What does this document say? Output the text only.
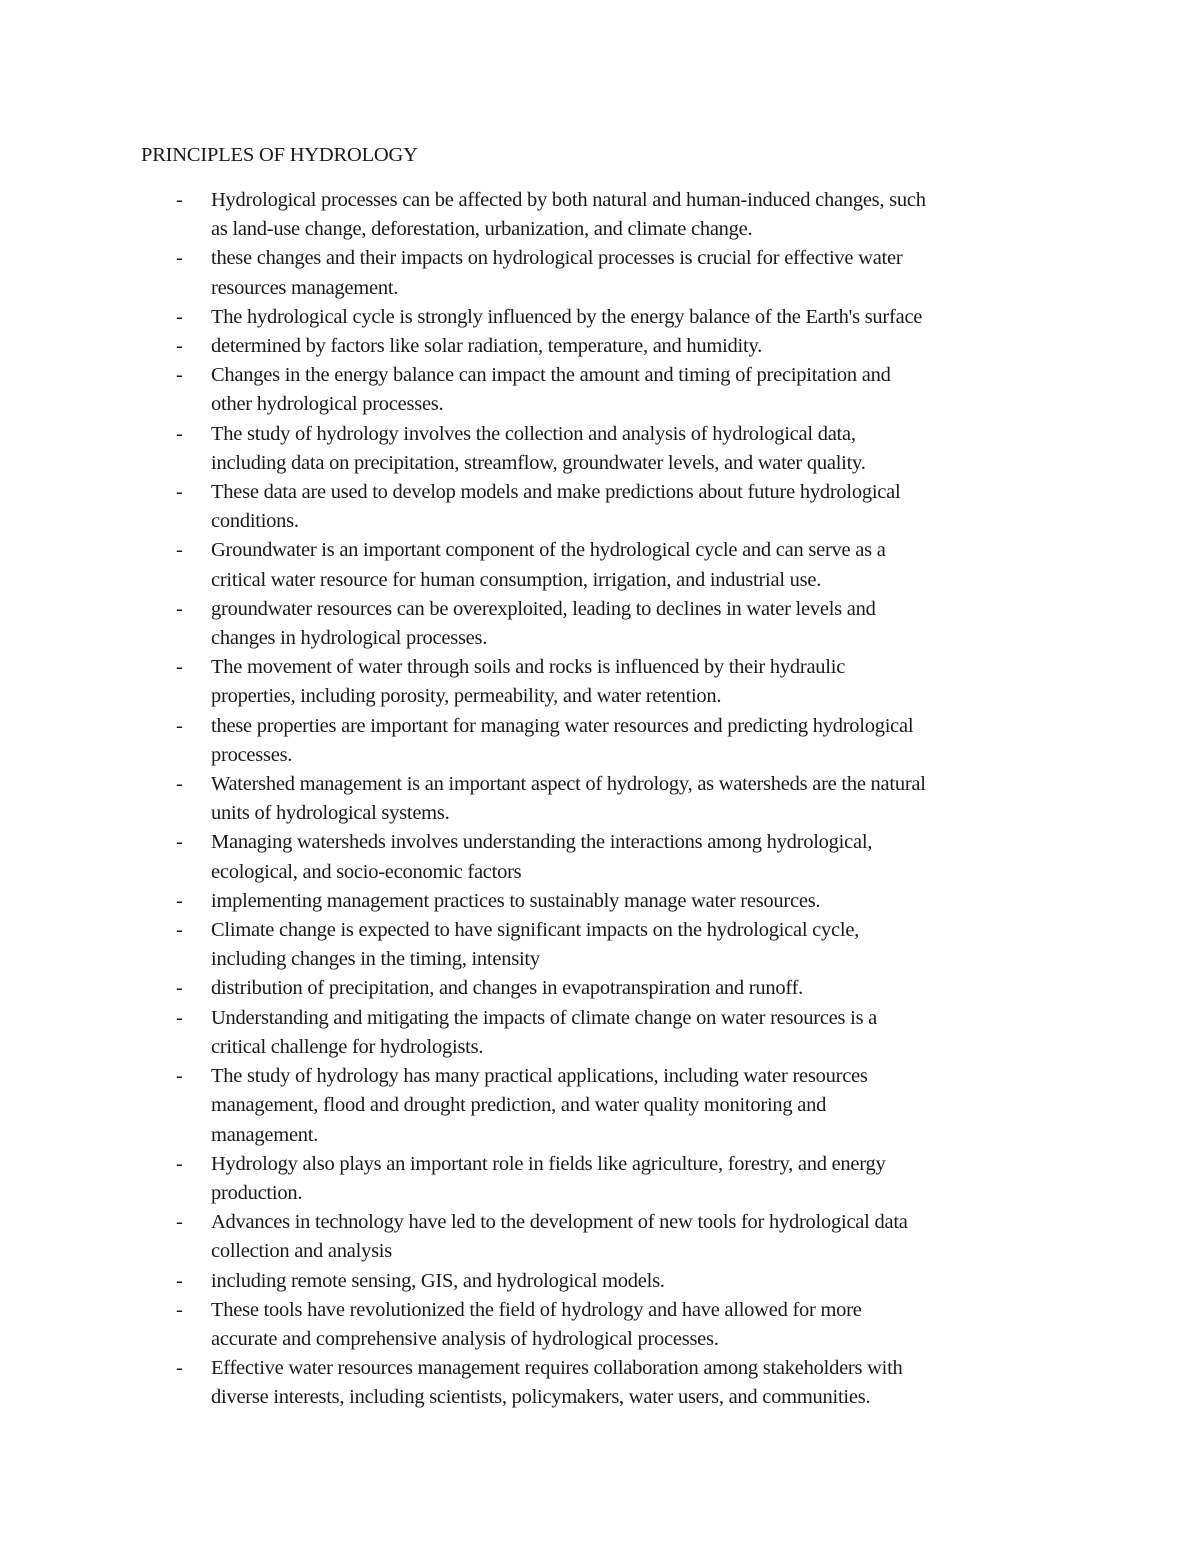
PRINCIPLES OF HYDROLOGY
- Hydrological processes can be affected by both natural and human-induced changes, such
as land-use change, deforestation, urbanization, and climate change.
- these changes and their impacts on hydrological processes is crucial for effective water
resources management.
- The hydrological cycle is strongly influenced by the energy balance of the Earth's surface
- determined by factors like solar radiation, temperature, and humidity.
- Changes in the energy balance can impact the amount and timing of precipitation and
other hydrological processes.
- The study of hydrology involves the collection and analysis of hydrological data,
including data on precipitation, streamflow, groundwater levels, and water quality.
- These data are used to develop models and make predictions about future hydrological
conditions.
- Groundwater is an important component of the hydrological cycle and can serve as a
critical water resource for human consumption, irrigation, and industrial use.
- groundwater resources can be overexploited, leading to declines in water levels and
changes in hydrological processes.
- The movement of water through soils and rocks is influenced by their hydraulic
properties, including porosity, permeability, and water retention.
- these properties are important for managing water resources and predicting hydrological
processes.
- Watershed management is an important aspect of hydrology, as watersheds are the natural
units of hydrological systems.
- Managing watersheds involves understanding the interactions among hydrological,
ecological, and socio-economic factors
- implementing management practices to sustainably manage water resources.
- Climate change is expected to have significant impacts on the hydrological cycle,
including changes in the timing, intensity
- distribution of precipitation, and changes in evapotranspiration and runoff.
- Understanding and mitigating the impacts of climate change on water resources is a
critical challenge for hydrologists.
- The study of hydrology has many practical applications, including water resources
management, flood and drought prediction, and water quality monitoring and
management.
- Hydrology also plays an important role in fields like agriculture, forestry, and energy
production.
- Advances in technology have led to the development of new tools for hydrological data
collection and analysis
- including remote sensing, GIS, and hydrological models.
- These tools have revolutionized the field of hydrology and have allowed for more
accurate and comprehensive analysis of hydrological processes.
- Effective water resources management requires collaboration among stakeholders with
diverse interests, including scientists, policymakers, water users, and communities.
